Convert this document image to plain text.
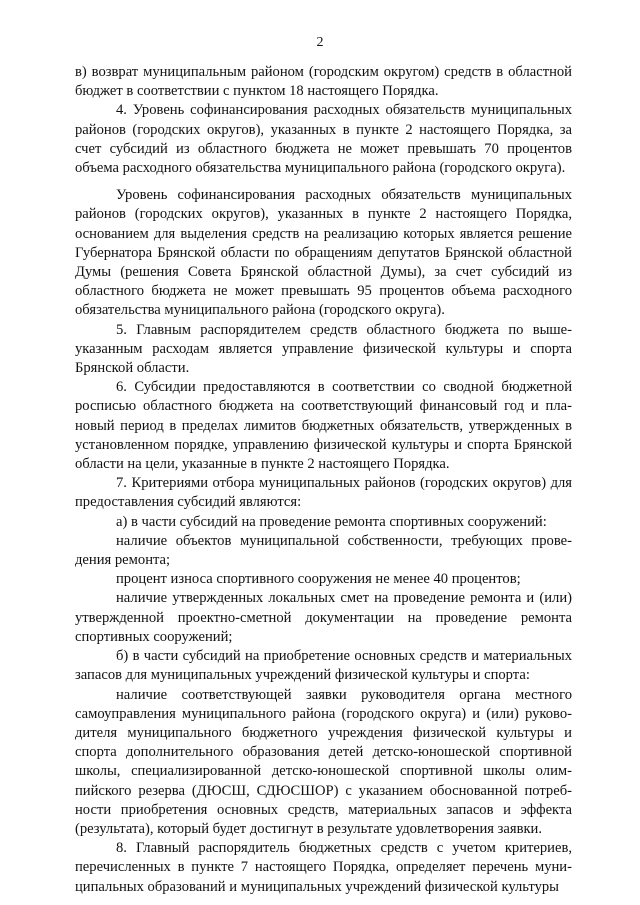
2

в) возврат муниципальным районом (городским округом) средств в областной бюджет в соответствии с пунктом 18 настоящего Порядка.

4. Уровень софинансирования расходных обязательств муниципальных районов (городских округов), указанных в пункте 2 настоящего Порядка, за счет субсидий из областного бюджета не может превышать 70 процентов объема расходного обязательства муниципального района (городского округа).

Уровень софинансирования расходных обязательств муниципальных районов (городских округов), указанных в пункте 2 настоящего Порядка, основанием для выделения средств на реализацию которых является решение Губернатора Брянской области по обращениям депутатов Брянской областной Думы (решения Совета Брянской областной Думы), за счет субсидий из областного бюджета не может превышать 95 процентов объема расходного обязательства муниципального района (городского округа).

5. Главным распорядителем средств областного бюджета по вышеуказанным расходам является управление физической культуры и спорта Брянской области.

6. Субсидии предоставляются в соответствии со сводной бюджетной росписью областного бюджета на соответствующий финансовый год и плановый период в пределах лимитов бюджетных обязательств, утвержденных в установленном порядке, управлению физической культуры и спорта Брянской области на цели, указанные в пункте 2 настоящего Порядка.

7. Критериями отбора муниципальных районов (городских округов) для предоставления субсидий являются:

а) в части субсидий на проведение ремонта спортивных сооружений:

наличие объектов муниципальной собственности, требующих проведения ремонта;

процент износа спортивного сооружения не менее 40 процентов;

наличие утвержденных локальных смет на проведение ремонта и (или) утвержденной проектно-сметной документации на проведение ремонта спортивных сооружений;

б) в части субсидий на приобретение основных средств и материальных запасов для муниципальных учреждений физической культуры и спорта:

наличие соответствующей заявки руководителя органа местного самоуправления муниципального района (городского округа) и (или) руководителя муниципального бюджетного учреждения физической культуры и спорта дополнительного образования детей детско-юношеской спортивной школы, специализированной детско-юношеской спортивной школы олимпийского резерва (ДЮСШ, СДЮСШОР) с указанием обоснованной потребности приобретения основных средств, материальных запасов и эффекта (результата), который будет достигнут в результате удовлетворения заявки.

8. Главный распорядитель бюджетных средств с учетом критериев, перечисленных в пункте 7 настоящего Порядка, определяет перечень муниципальных образований и муниципальных учреждений физической культуры
